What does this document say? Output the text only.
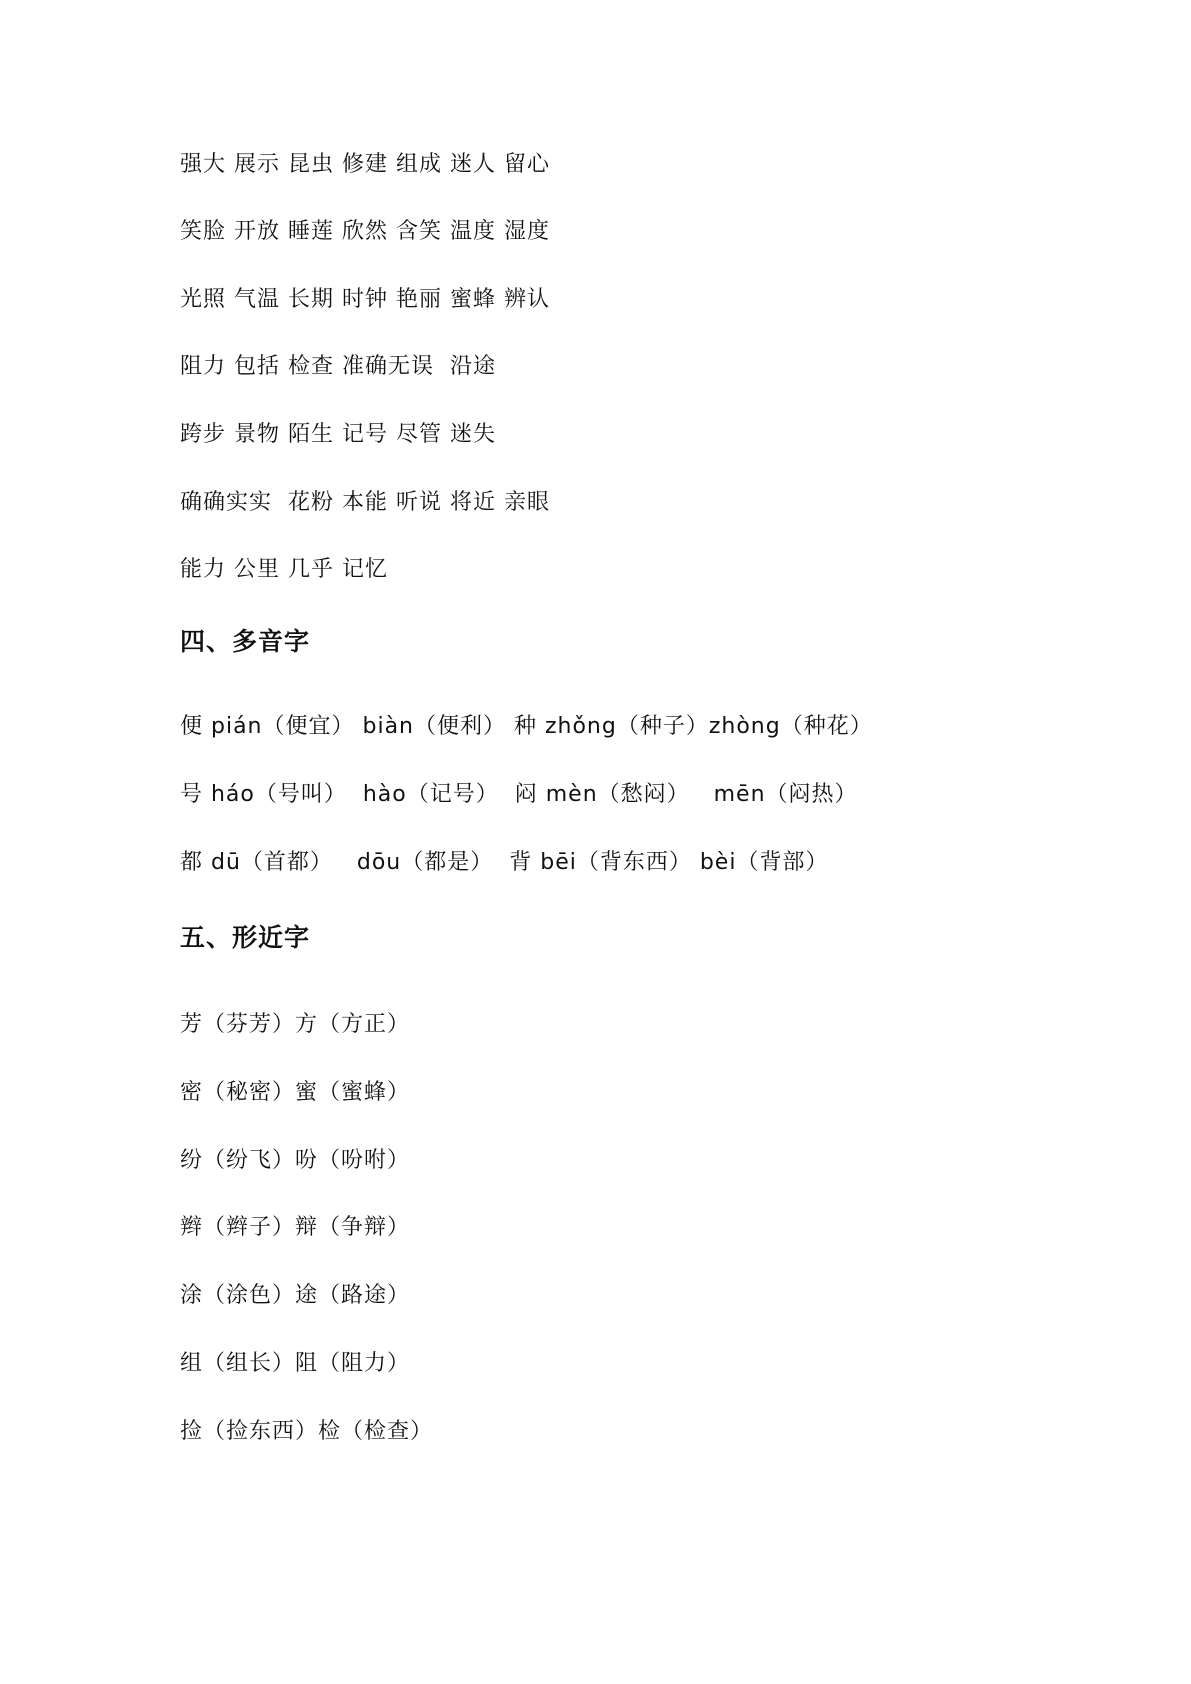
强大 展示 昆虫 修建 组成 迷人 留心
笑脸 开放 睡莲 欣然 含笑 温度 湿度
光照 气温 长期 时钟 艳丽 蜜蜂 辨认
阻力 包括 检查 准确无误  沿途
跨步 景物 陌生 记号 尽管 迷失
确确实实  花粉 本能 听说 将近 亲眼
能力 公里 几乎 记忆
四、多音字
便 pián（便宜） biàn（便利） 种 zhǒng（种子）zhòng（种花）
号 háo（号叫）  hào（记号）  闷 mèn（愁闷）   mēn（闷热）
都 dū（首都）   dōu（都是）  背 bēi（背东西） bèi（背部）
五、形近字
芳（芬芳）方（方正）
密（秘密）蜜（蜜蜂）
纷（纷飞）吩（吩咐）
辫（辫子）辩（争辩）
涂（涂色）途（路途）
组（组长）阻（阻力）
捡（捡东西）检（检查）
